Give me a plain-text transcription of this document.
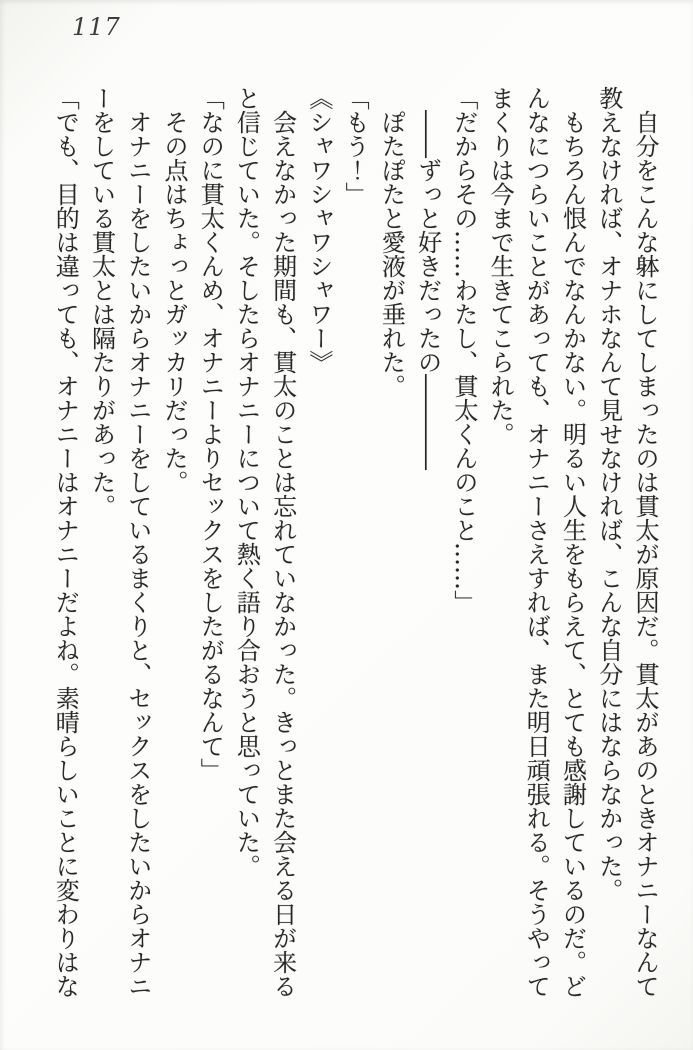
117

自分をこんな躰にしてしまったのは貫太が原因だ。貫太があのときオナニーなんて教えなければ、オナホなんて見せなければ、こんな自分にはならなかった。

もちろん恨んでなんかない。明るい人生をもらえて、とても感謝しているのだ。どんなにつらいことがあっても、オナニーさえすれば、また明日頑張れる。そうやってまくりは今まで生きてこられた。

「だからその……わたし、貫太くんのこと……」

――ずっと好きだったの――――

ぽたぽたと愛液が垂れた。

「もう！」

《シャワシャワシャワー》

会えなかった期間も、貫太のことは忘れていなかった。きっとまた会える日が来ると信じていた。そしたらオナニーについて熱く語り合おうと思っていた。

「なのに貫太くんめ、オナニーよりセックスをしたがるなんて」

その点はちょっとガッカリだった。

オナニーをしたいからオナニーをしているまくりと、セックスをしたいからオナニーをしている貫太とは隔たりがあった。

「でも、目的は違っても、オナニーはオナニーだよね。素晴らしいことに変わりはな
